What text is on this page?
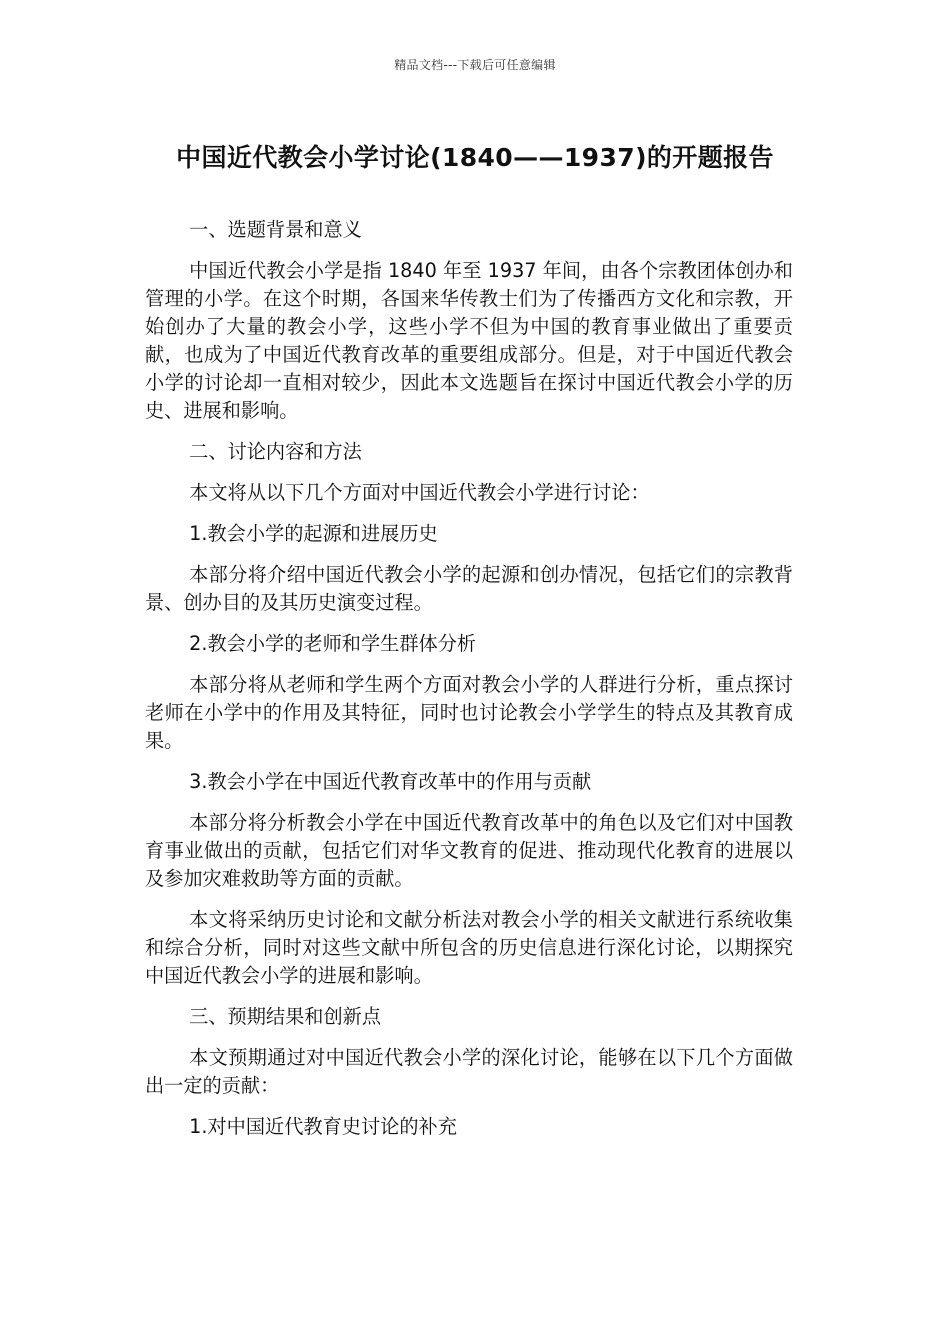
精品文档---下载后可任意编辑
中国近代教会小学讨论(1840——1937)的开题报告

一、选题背景和意义

中国近代教会小学是指 1840 年至 1937 年间，由各个宗教团体创办和管理的小学。在这个时期，各国来华传教士们为了传播西方文化和宗教，开始创办了大量的教会小学，这些小学不但为中国的教育事业做出了重要贡献，也成为了中国近代教育改革的重要组成部分。但是，对于中国近代教会小学的讨论却一直相对较少，因此本文选题旨在探讨中国近代教会小学的历史、进展和影响。

二、讨论内容和方法

本文将从以下几个方面对中国近代教会小学进行讨论：

1.教会小学的起源和进展历史

本部分将介绍中国近代教会小学的起源和创办情况，包括它们的宗教背景、创办目的及其历史演变过程。

2.教会小学的老师和学生群体分析

本部分将从老师和学生两个方面对教会小学的人群进行分析，重点探讨老师在小学中的作用及其特征，同时也讨论教会小学学生的特点及其教育成果。

3.教会小学在中国近代教育改革中的作用与贡献

本部分将分析教会小学在中国近代教育改革中的角色以及它们对中国教育事业做出的贡献，包括它们对华文教育的促进、推动现代化教育的进展以及参加灾难救助等方面的贡献。

本文将采纳历史讨论和文献分析法对教会小学的相关文献进行系统收集和综合分析，同时对这些文献中所包含的历史信息进行深化讨论，以期探究中国近代教会小学的进展和影响。

三、预期结果和创新点

本文预期通过对中国近代教会小学的深化讨论，能够在以下几个方面做出一定的贡献：

1.对中国近代教育史讨论的补充
